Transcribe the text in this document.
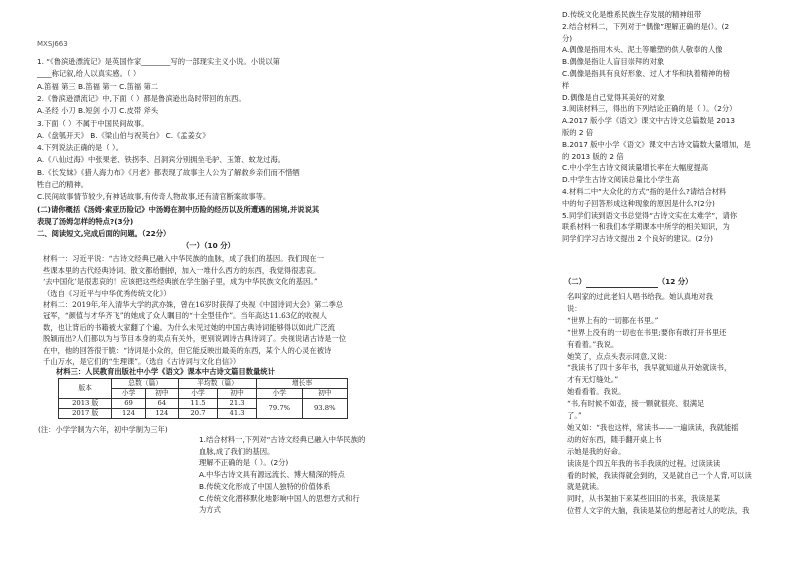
MXSJ663
1. “《鲁滨逊漂流记》是英国作家________写的一部现实主义小说。小说以第
____称记叙,给人以真实感。（ ）
A.笛福 第三 B.笛福 第一 C.笛福 第二
2.《鲁滨逊漂流记》中,下面（ ）都是鲁滨逊出岛时带回的东西。
A.圣经 小刀 B.短剑 小刀 C.皮帯 斧头
3.下面（ ）不属于中国民间故事。
A.《盘瓠开天》 B.《梁山伯与祝英台》 C.《孟姜女》
4.下列说法正确的是（ ）。
A.《八仙过海》中张果老、铁拐李、吕洞宾分别拥坐毛驴、玉箫、蚊龙过海。
B.《长发妹》《猎人海力布》《月老》都表现了故事主人公为了解救乡亲们而不惜牺
牲自己的精神。
C.民间故事情节较少,有神话故事,有传奇人物故事,还有清官断案故事等。
(二)请你概括《汤姆·索亚历险记》中汤姆在洞中历险的经历以及所遭遇的困境,并说说其
表现了汤姆怎样的特点?(3分)
二、阅读短文,完成后面的问题。（22分）
（一）（10 分）
材料一：习近平说：“古诗文经典已融入中华民族的血脉，成了我们的基因。我们现在一
些课本里的古代经典诗词、散文都给删掉，加入一堆什么西方的东西，我觉得很悲哀。
‘去中国化’是很悲哀的！应该把这些经典嵌在学生脑子里，成为中华民族文化的基因。”
（选自《习近平与中华优秀传统文化》）
材料二：2019年,年入清华大学的武亦姝，曾在16岁时获得了央视《中国诗词大会》第二季总
冠军，“颜值与才华齐飞”的她成了众人瞩目的“十全型佳作”。当年高达11.63亿的收视人
数，也让背后的书籍被大家翻了个遍。为什么未见过她的中国古典诗词能够得以如此广泛流
脱颖而出?人们都以为与节目本身的卖点有关外，更别说调诗古典诗词了。央视说诸古诗是一位
在中，他的回答很干脆：“诗词是小众的，但它能反映出最美的东西，某个人的心灵在被诗
千山万水，是它们的“生理课”。（选自《古诗词与文化自信》）
材料三：人民教育出版社中小学《语文》课本中古诗文篇目数量统计
版本	总数（篇）		平均数（篇）		增长率	
	小学	初中	小学	初中	小学	初中
2013 版	69	64	11.5	21.3	79.7%	93.8%
2017 版	124	124	20.7	41.3		
(注：小学学制为六年，初中学制为三年)
1.结合材料一,下列对“古诗文经典已融入中华民族的
血脉,成了我们的基因。
理解不正确的是（ ）。(2分)
A.中华古诗文具有源远流长、博大精深的特点
B.传统文化形成了中国人独特的价值体系
C.传统文化潜移默化地影响中国人的思想方式和行
为方式
D.传统文化是维系民族生存发展的精神纽带
2.结合材料二，下列对于“偶像”理解正确的是(）。(2
分)
A.偶像是指用木头、泥土等雕塑的供人敬奉的人像
B.偶像是指让人盲目崇拜的对象
C.偶像是指具有良好形象、过人才华和执着精神的榜
样
D.偶像是自己觉得其美好的对象
3.阅读材料三，得出的下列结论正确的是（ ）。（2分）
A.2017 版小学《语文》课文中古诗文总篇数是 2013
版的 2 倍
B.2017 版中小学《语文》课文中古诗文篇数大量增加，是
的 2013 版的 2 倍
C.中小学生古诗文阅读量增长率在大幅度提高
D.中学生古诗文阅读总量比小学生高
4.材料二中“大众化的方式”指的是什么?请结合材料
中的句子回答形成这种现象的原因是什么?(2分)
5.同学们读到语文书总觉得“古诗文实在太难学”，请你
联系材料一和我们本学期课本中所学的相关知识，为
同学们学习古诗文提出 2 个良好的建议。(2分)
（二）	（12 分）
名叫家的过此老妇人唱书给我。她认真地对我
说：
“世界上有的一切都在书里。”
“世界上没有的一切也在书里;要你有敢打开书里还
有看着。”我说。
她笑了，点点头表示同意,又说：
“我读书了四十多年书，我早就知道从开始就读书，
才有无灯缝处。”
她看看着。我说。
“书,有时候不如壶，接一颗就很亮、很满足
了。”
她又如：“我也这样，常读书——一遍读读，我就能摇
动的好东西，随手翻开桌上书
示她是我的好命。
读读是个四五年我的书手我读的过程。过读读读
看的时候，我读得就会到的，又是就自己一个人背,可以读
就是就读。
同时，从书架抽下来某些旧旧的书来，我读是某
位哲人文字的大脑，我读是某位的想起者过人的吃法，我
